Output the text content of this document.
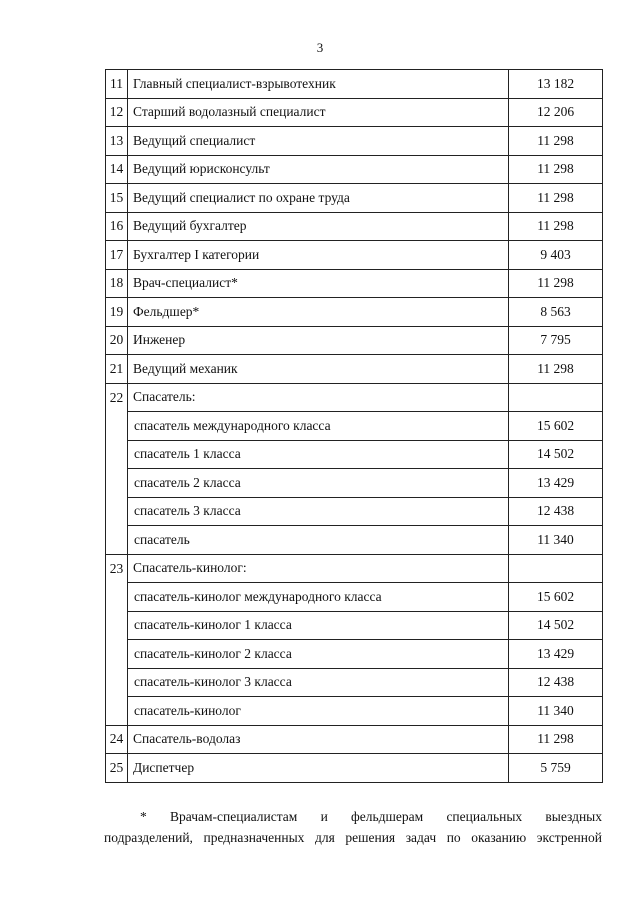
3
11	Главный специалист-взрывотехник	13 182
12	Старший водолазный специалист	12 206
13	Ведущий специалист	11 298
14	Ведущий юрисконсульт	11 298
15	Ведущий специалист по охране труда	11 298
16	Ведущий бухгалтер	11 298
17	Бухгалтер I категории	9 403
18	Врач-специалист*	11 298
19	Фельдшер*	8 563
20	Инженер	7 795
21	Ведущий механик	11 298
22	Спасатель:	
	спасатель международного класса	15 602
	спасатель 1 класса	14 502
	спасатель 2 класса	13 429
	спасатель 3 класса	12 438
	спасатель	11 340
23	Спасатель-кинолог:	
	спасатель-кинолог международного класса	15 602
	спасатель-кинолог 1 класса	14 502
	спасатель-кинолог 2 класса	13 429
	спасатель-кинолог 3 класса	12 438
	спасатель-кинолог	11 340
24	Спасатель-водолаз	11 298
25	Диспетчер	5 759
* Врачам-специалистам и фельдшерам специальных выездных
подразделений, предназначенных для решения задач по оказанию экстренной
